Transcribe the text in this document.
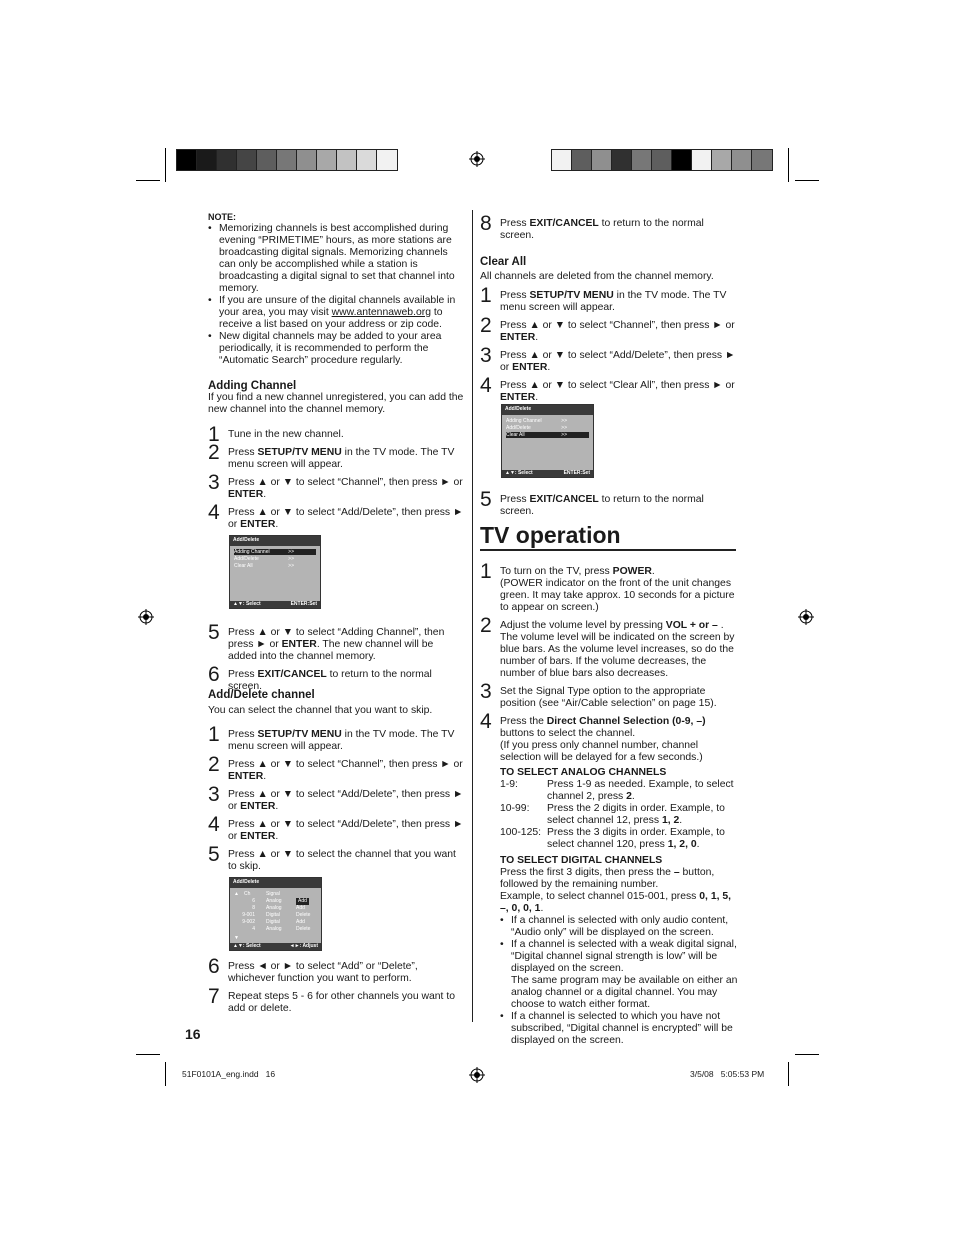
NOTE:
• Memorizing channels is best accomplished during evening “PRIMETIME” hours, as more stations are broadcasting digital signals. Memorizing channels can only be accomplished while a station is broadcasting a digital signal to set that channel into memory.
• If you are unsure of the digital channels available in your area, you may visit www.antennaweb.org to receive a list based on your address or zip code.
• New digital channels may be added to your area periodically, it is recommended to perform the “Automatic Search” procedure regularly.
Adding Channel
If you find a new channel unregistered, you can add the new channel into the channel memory.
1 Tune in the new channel.
2 Press SETUP/TV MENU in the TV mode. The TV menu screen will appear.
3 Press ▲ or ▼ to select “Channel”, then press ► or ENTER.
4 Press ▲ or ▼ to select “Add/Delete”, then press ► or ENTER.
5 Press ▲ or ▼ to select “Adding Channel”, then press ► or ENTER. The new channel will be added into the channel memory.
6 Press EXIT/CANCEL to return to the normal screen.
Add/Delete channel
You can select the channel that you want to skip.
1 Press SETUP/TV MENU in the TV mode. The TV menu screen will appear.
2 Press ▲ or ▼ to select “Channel”, then press ► or ENTER.
3 Press ▲ or ▼ to select “Add/Delete”, then press ► or ENTER.
4 Press ▲ or ▼ to select “Add/Delete”, then press ► or ENTER.
5 Press ▲ or ▼ to select the channel that you want to skip.
6 Press ◄ or ► to select “Add” or “Delete”, whichever function you want to perform.
7 Repeat steps 5 - 6 for other channels you want to add or delete.
Add/Delete
Adding Channel	>>
Add/Delete	>>
Clear All	>>
▲▼: Select	ENTER:Set
Add/Delete
▲ Ch	Signal
6 Analog	Add
8 Analog	Add
9-001 Digital	Delete
9-002 Digital	Add
4 Analog	Delete
▼
▲▼: Select	◄►: Adjust
8 Press EXIT/CANCEL to return to the normal screen.
Clear All
All channels are deleted from the channel memory.
1 Press SETUP/TV MENU in the TV mode. The TV menu screen will appear.
2 Press ▲ or ▼ to select “Channel”, then press ► or ENTER.
3 Press ▲ or ▼ to select “Add/Delete”, then press ► or ENTER.
4 Press ▲ or ▼ to select “Clear All”, then press ► or ENTER.
5 Press EXIT/CANCEL to return to the normal screen.
Add/Delete
Adding Channel	>>
Add/Delete	>>
Clear All	>>
▲▼: Select	ENTER:Set
TV operation
1 To turn on the TV, press POWER.
(POWER indicator on the front of the unit changes green. It may take approx. 10 seconds for a picture to appear on screen.)
2 Adjust the volume level by pressing VOL + or – . The volume level will be indicated on the screen by blue bars. As the volume level increases, so do the number of bars. If the volume decreases, the number of blue bars also decreases.
3 Set the Signal Type option to the appropriate position (see “Air/Cable selection” on page 15).
4 Press the Direct Channel Selection (0-9, –) buttons to select the channel.
(If you press only channel number, channel selection will be delayed for a few seconds.)
TO SELECT ANALOG CHANNELS
1-9:	Press 1-9 as needed. Example, to select channel 2, press 2.
10-99:	Press the 2 digits in order. Example, to select channel 12, press 1, 2.
100-125: Press the 3 digits in order. Example, to select channel 120, press 1, 2, 0.
TO SELECT DIGITAL CHANNELS
Press the first 3 digits, then press the – button, followed by the remaining number.
Example, to select channel 015-001, press 0, 1, 5, –, 0, 0, 1.
• If a channel is selected with only audio content, “Audio only” will be displayed on the screen.
• If a channel is selected with a weak digital signal, “Digital channel signal strength is low” will be displayed on the screen.
The same program may be available on either an analog channel or a digital channel. You may choose to watch either format.
• If a channel is selected to which you have not subscribed, “Digital channel is encrypted” will be displayed on the screen.
16
51F0101A_eng.indd   16	3/5/08   5:05:53 PM
